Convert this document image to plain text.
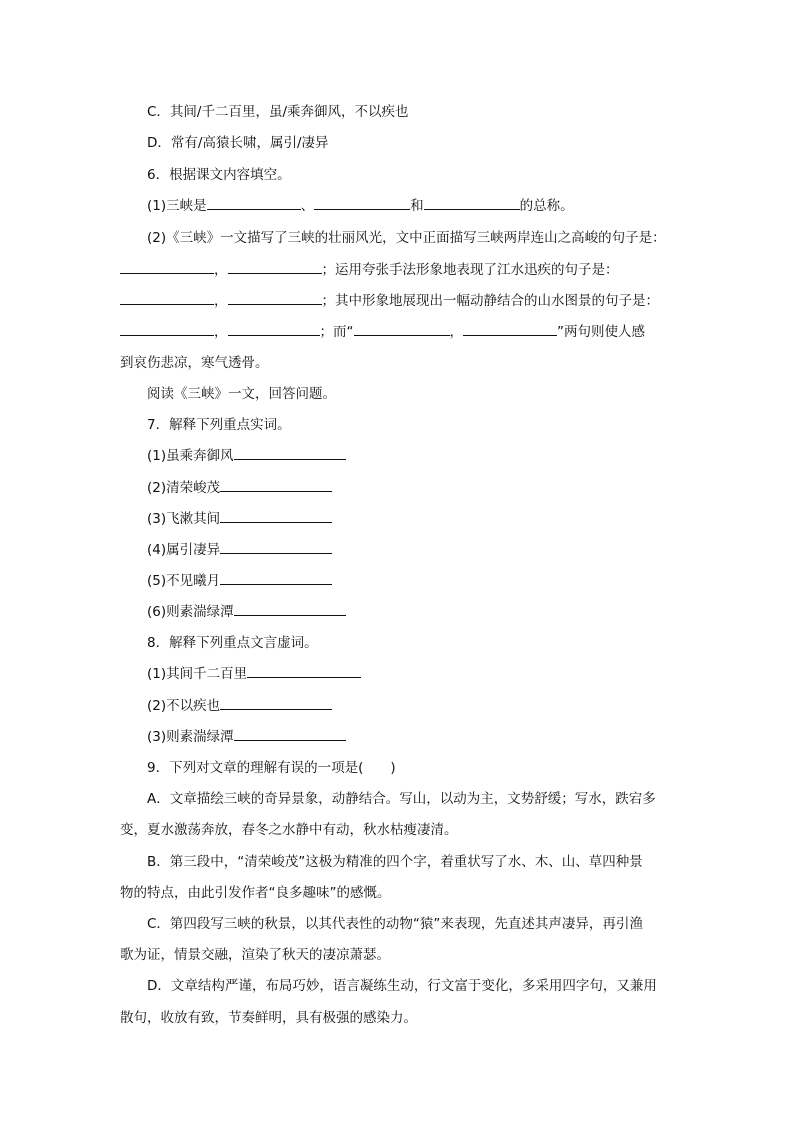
C．其间/千二百里，虽/乘奔御风，不以疾也
D．常有/高猿长啸，属引/凄异
6．根据课文内容填空。
(1)三峡是	、	和	的总称。
(2)《三峡》一文描写了三峡的壮丽风光，文中正面描写三峡两岸连山之高峻的句子是：
，	；运用夸张手法形象地表现了江水迅疾的句子是：
，	；其中形象地展现出一幅动静结合的山水图景的句子是：
，	；而“	，	”两句则使人感
到哀伤悲凉，寒气透骨。
阅读《三峡》一文，回答问题。
7．解释下列重点实词。
(1)虽乘奔御风
(2)清荣峻茂
(3)飞漱其间
(4)属引凄异
(5)不见曦月
(6)则素湍绿潭
8．解释下列重点文言虚词。
(1)其间千二百里
(2)不以疾也
(3)则素湍绿潭
9．下列对文章的理解有误的一项是(　　)
A．文章描绘三峡的奇异景象，动静结合。写山，以动为主，文势舒缓；写水，跌宕多
变，夏水激荡奔放，春冬之水静中有动，秋水枯瘦凄清。
B．第三段中，“清荣峻茂”这极为精准的四个字，着重状写了水、木、山、草四种景
物的特点，由此引发作者“良多趣味”的感慨。
C．第四段写三峡的秋景，以其代表性的动物“猿”来表现，先直述其声凄异，再引渔
歌为证，情景交融，渲染了秋天的凄凉萧瑟。
D．文章结构严谨，布局巧妙，语言凝练生动，行文富于变化，多采用四字句，又兼用
散句，收放有致，节奏鲜明，具有极强的感染力。
